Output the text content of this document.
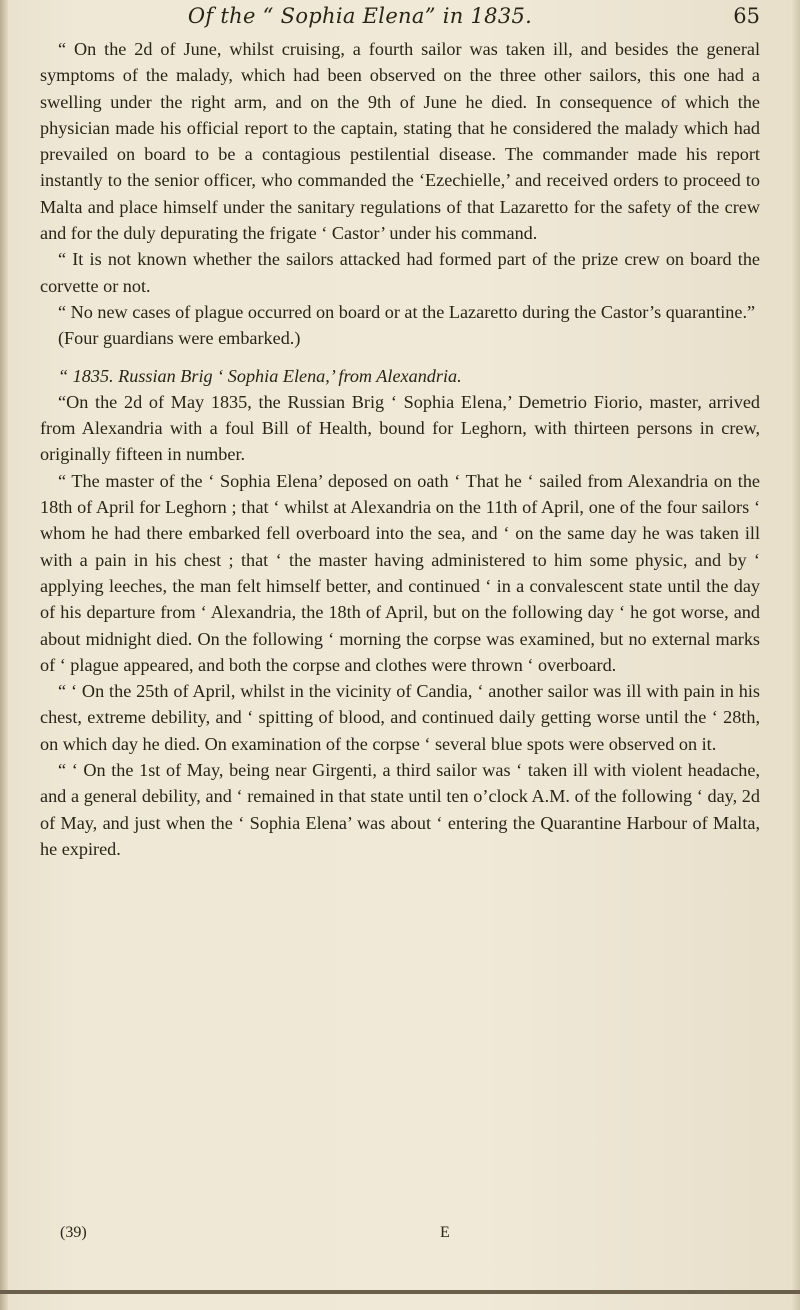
Of the “ Sophia Elena” in 1835.	65

“ On the 2d of June, whilst cruising, a fourth sailor was taken ill, and besides the general symptoms of the malady, which had been observed on the three other sailors, this one had a swelling under the right arm, and on the 9th of June he died. In consequence of which the physician made his official report to the captain, stating that he considered the malady which had prevailed on board to be a contagious pestilential disease. The commander made his report instantly to the senior officer, who commanded the ‘Ezechielle,’ and received orders to proceed to Malta and place himself under the sanitary regulations of that Lazaretto for the safety of the crew and for the duly depurating the frigate ‘ Castor’ under his command.

“ It is not known whether the sailors attacked had formed part of the prize crew on board the corvette or not.

“ No new cases of plague occurred on board or at the Lazaretto during the Castor’s quarantine.”

(Four guardians were embarked.)

“ 1835. Russian Brig ‘ Sophia Elena,’ from Alexandria.

“On the 2d of May 1835, the Russian Brig ‘ Sophia Elena,’ Demetrio Fiorio, master, arrived from Alexandria with a foul Bill of Health, bound for Leghorn, with thirteen persons in crew, originally fifteen in number.

“ The master of the ‘ Sophia Elena’ deposed on oath ‘ That he ‘ sailed from Alexandria on the 18th of April for Leghorn ; that ‘ whilst at Alexandria on the 11th of April, one of the four sailors ‘ whom he had there embarked fell overboard into the sea, and ‘ on the same day he was taken ill with a pain in his chest ; that ‘ the master having administered to him some physic, and by ‘ applying leeches, the man felt himself better, and continued ‘ in a convalescent state until the day of his departure from ‘ Alexandria, the 18th of April, but on the following day ‘ he got worse, and about midnight died. On the following ‘ morning the corpse was examined, but no external marks of ‘ plague appeared, and both the corpse and clothes were thrown ‘ overboard.

“ ‘ On the 25th of April, whilst in the vicinity of Candia, ‘ another sailor was ill with pain in his chest, extreme debility, and ‘ spitting of blood, and continued daily getting worse until the ‘ 28th, on which day he died. On examination of the corpse ‘ several blue spots were observed on it.

“ ‘ On the 1st of May, being near Girgenti, a third sailor was ‘ taken ill with violent headache, and a general debility, and ‘ remained in that state until ten o’clock A.M. of the following ‘ day, 2d of May, and just when the ‘ Sophia Elena’ was about ‘ entering the Quarantine Harbour of Malta, he expired.

(39)	E
